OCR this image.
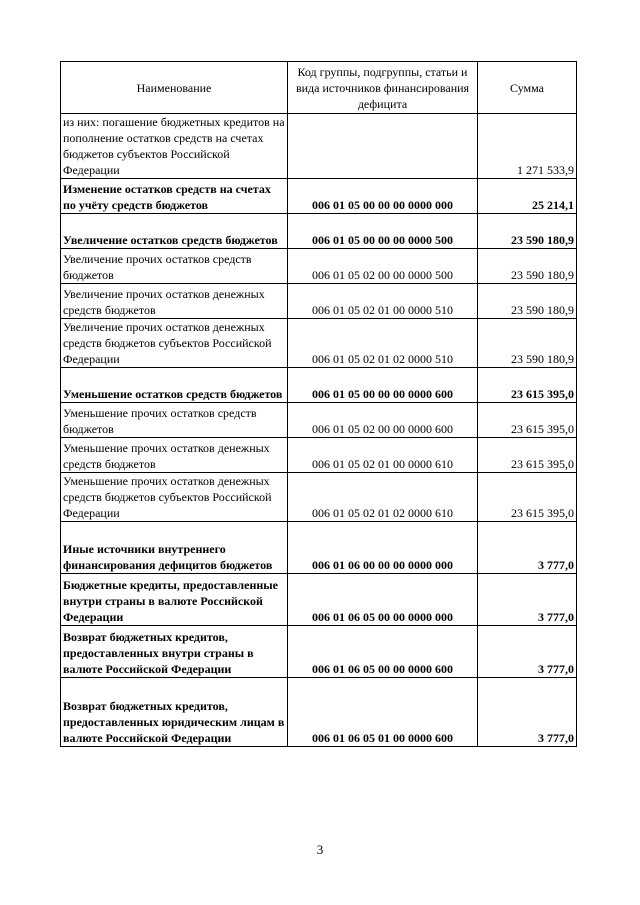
Наименование	Код группы, подгруппы, статьи и вида источников финансирования дефицита	Сумма
из них: погашение бюджетных кредитов на пополнение остатков средств на счетах бюджетов субъектов Российской Федерации		1 271 533,9
Изменение остатков средств на счетах по учёту средств бюджетов	006 01 05 00 00 00 0000 000	25 214,1
Увеличение остатков средств бюджетов	006 01 05 00 00 00 0000 500	23 590 180,9
Увеличение прочих остатков средств бюджетов	006 01 05 02 00 00 0000 500	23 590 180,9
Увеличение прочих остатков денежных средств бюджетов	006 01 05 02 01 00 0000 510	23 590 180,9
Увеличение прочих остатков денежных средств бюджетов субъектов Российской Федерации	006 01 05 02 01 02 0000 510	23 590 180,9
Уменьшение остатков средств бюджетов	006 01 05 00 00 00 0000 600	23 615 395,0
Уменьшение прочих остатков средств бюджетов	006 01 05 02 00 00 0000 600	23 615 395,0
Уменьшение прочих остатков денежных средств бюджетов	006 01 05 02 01 00 0000 610	23 615 395,0
Уменьшение прочих остатков денежных средств бюджетов субъектов Российской Федерации	006 01 05 02 01 02 0000 610	23 615 395,0
Иные источники внутреннего финансирования дефицитов бюджетов	006 01 06 00 00 00 0000 000	3 777,0
Бюджетные кредиты, предоставленные внутри страны в валюте Российской Федерации	006 01 06 05 00 00 0000 000	3 777,0
Возврат бюджетных кредитов, предоставленных внутри страны в валюте Российской Федерации	006 01 06 05 00 00 0000 600	3 777,0
Возврат бюджетных кредитов, предоставленных юридическим лицам в валюте Российской Федерации	006 01 06 05 01 00 0000 600	3 777,0
3
